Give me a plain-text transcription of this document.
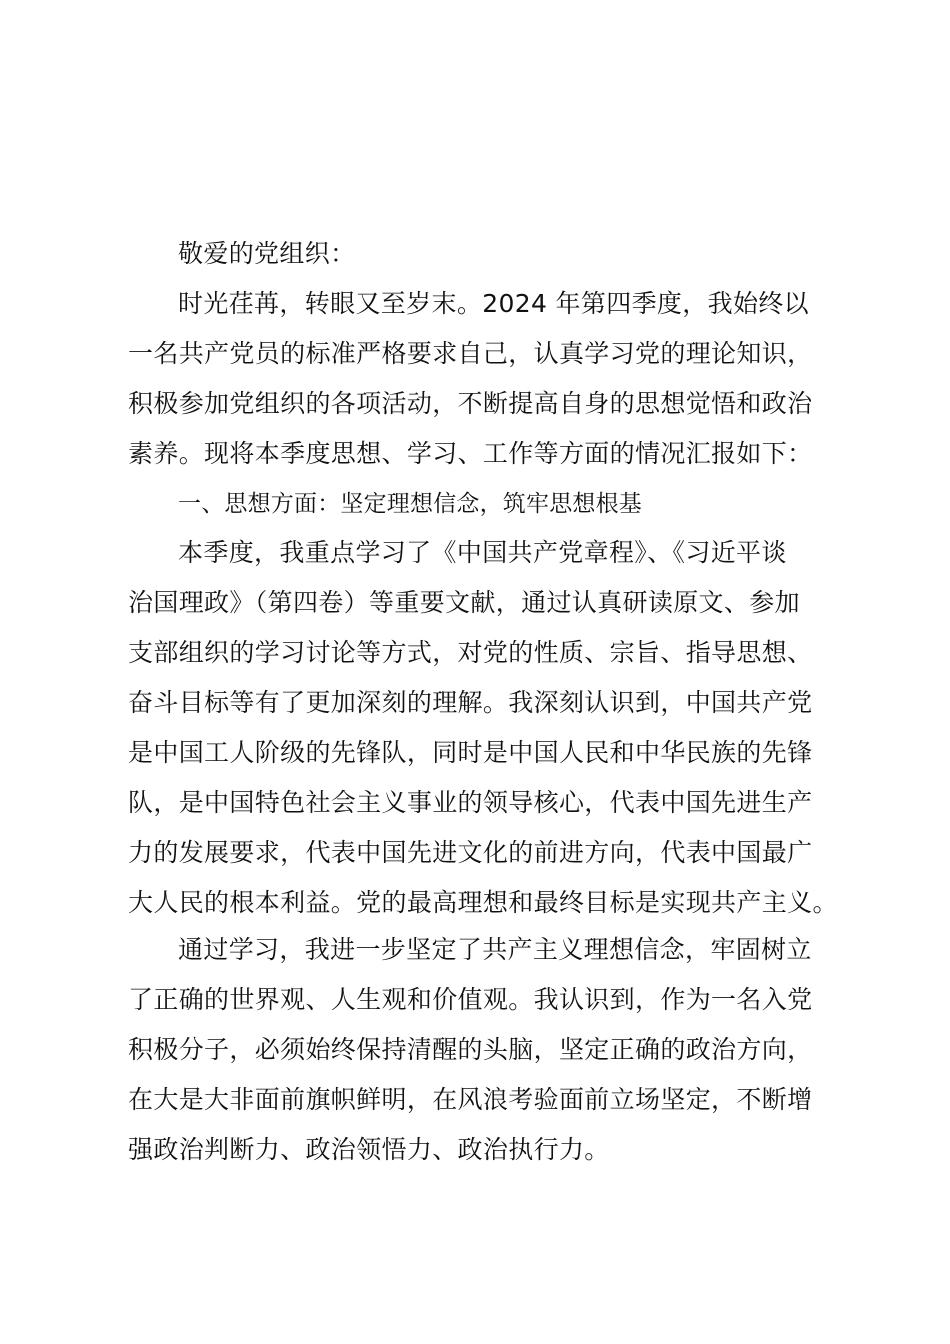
敬爱的党组织：
时光荏苒，转眼又至岁末。2024 年第四季度，我始终以
一名共产党员的标准严格要求自己，认真学习党的理论知识，
积极参加党组织的各项活动，不断提高自身的思想觉悟和政治
素养。现将本季度思想、学习、工作等方面的情况汇报如下：
一、思想方面：坚定理想信念，筑牢思想根基
本季度，我重点学习了《中国共产党章程》、《习近平谈
治国理政》（第四卷）等重要文献，通过认真研读原文、参加
支部组织的学习讨论等方式，对党的性质、宗旨、指导思想、
奋斗目标等有了更加深刻的理解。我深刻认识到，中国共产党
是中国工人阶级的先锋队，同时是中国人民和中华民族的先锋
队，是中国特色社会主义事业的领导核心，代表中国先进生产
力的发展要求，代表中国先进文化的前进方向，代表中国最广
大人民的根本利益。党的最高理想和最终目标是实现共产主义。
通过学习，我进一步坚定了共产主义理想信念，牢固树立
了正确的世界观、人生观和价值观。我认识到，作为一名入党
积极分子，必须始终保持清醒的头脑，坚定正确的政治方向，
在大是大非面前旗帜鲜明，在风浪考验面前立场坚定，不断增
强政治判断力、政治领悟力、政治执行力。
